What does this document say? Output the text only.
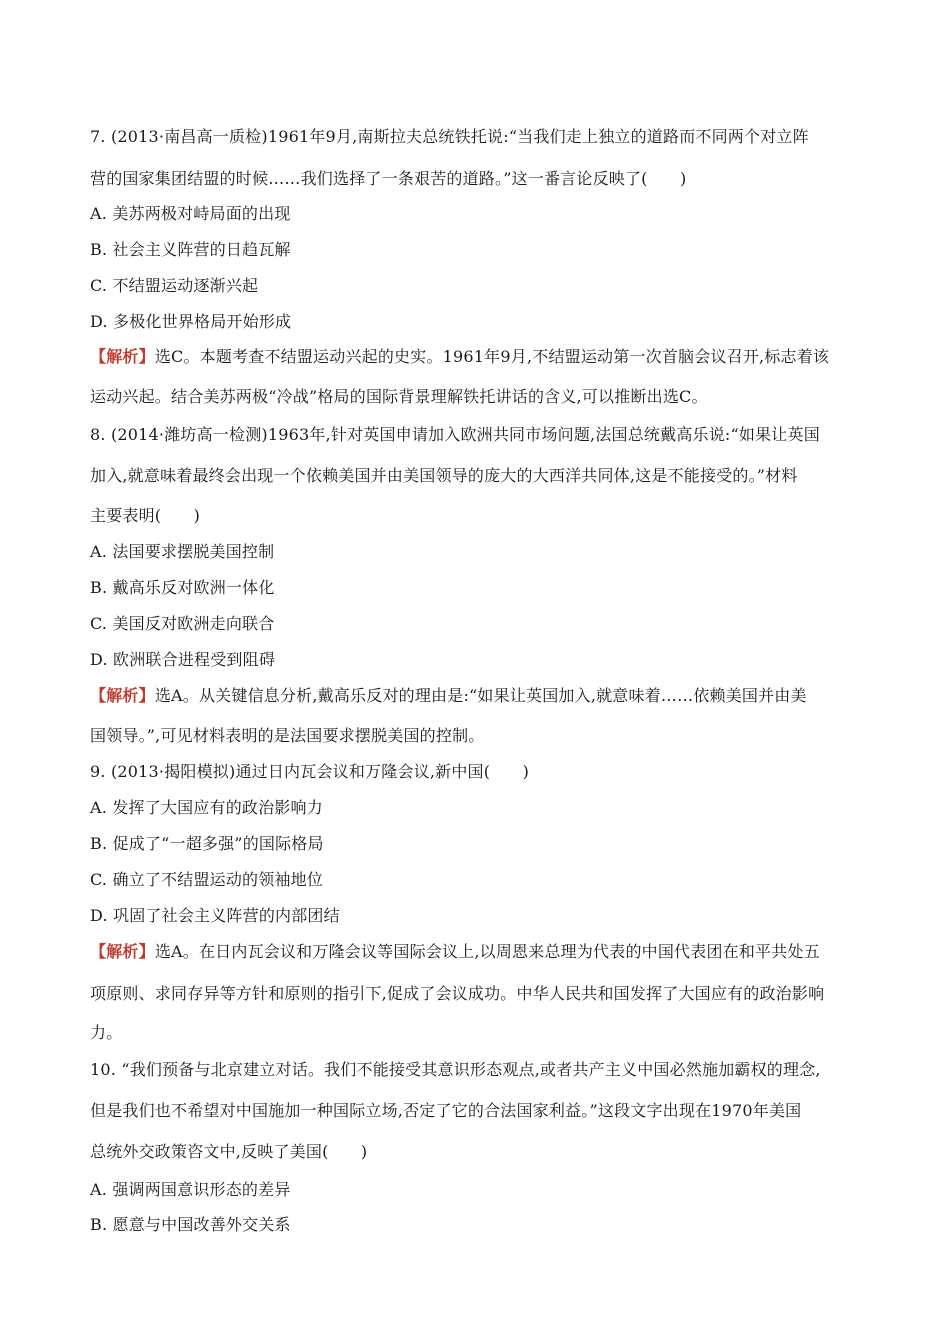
7. (2013·南昌高一质检)1961年9月,南斯拉夫总统铁托说:“当我们走上独立的道路而不同两个对立阵
营的国家集团结盟的时候……我们选择了一条艰苦的道路。”这一番言论反映了(　　)
A. 美苏两极对峙局面的出现
B. 社会主义阵营的日趋瓦解
C. 不结盟运动逐渐兴起
D. 多极化世界格局开始形成
【解析】选C。本题考查不结盟运动兴起的史实。1961年9月,不结盟运动第一次首脑会议召开,标志着该
运动兴起。结合美苏两极“冷战”格局的国际背景理解铁托讲话的含义,可以推断出选C。
8. (2014·潍坊高一检测)1963年,针对英国申请加入欧洲共同市场问题,法国总统戴高乐说:“如果让英国
加入,就意味着最终会出现一个依赖美国并由美国领导的庞大的大西洋共同体,这是不能接受的。”材料
主要表明(　　)
A. 法国要求摆脱美国控制
B. 戴高乐反对欧洲一体化
C. 美国反对欧洲走向联合
D. 欧洲联合进程受到阻碍
【解析】选A。从关键信息分析,戴高乐反对的理由是:“如果让英国加入,就意味着……依赖美国并由美
国领导。”,可见材料表明的是法国要求摆脱美国的控制。
9. (2013·揭阳模拟)通过日内瓦会议和万隆会议,新中国(　　)
A. 发挥了大国应有的政治影响力
B. 促成了“一超多强”的国际格局
C. 确立了不结盟运动的领袖地位
D. 巩固了社会主义阵营的内部团结
【解析】选A。在日内瓦会议和万隆会议等国际会议上,以周恩来总理为代表的中国代表团在和平共处五
项原则、求同存异等方针和原则的指引下,促成了会议成功。中华人民共和国发挥了大国应有的政治影响
力。
10. “我们预备与北京建立对话。我们不能接受其意识形态观点,或者共产主义中国必然施加霸权的理念,
但是我们也不希望对中国施加一种国际立场,否定了它的合法国家利益。”这段文字出现在1970年美国
总统外交政策咨文中,反映了美国(　　)
A. 强调两国意识形态的差异
B. 愿意与中国改善外交关系
